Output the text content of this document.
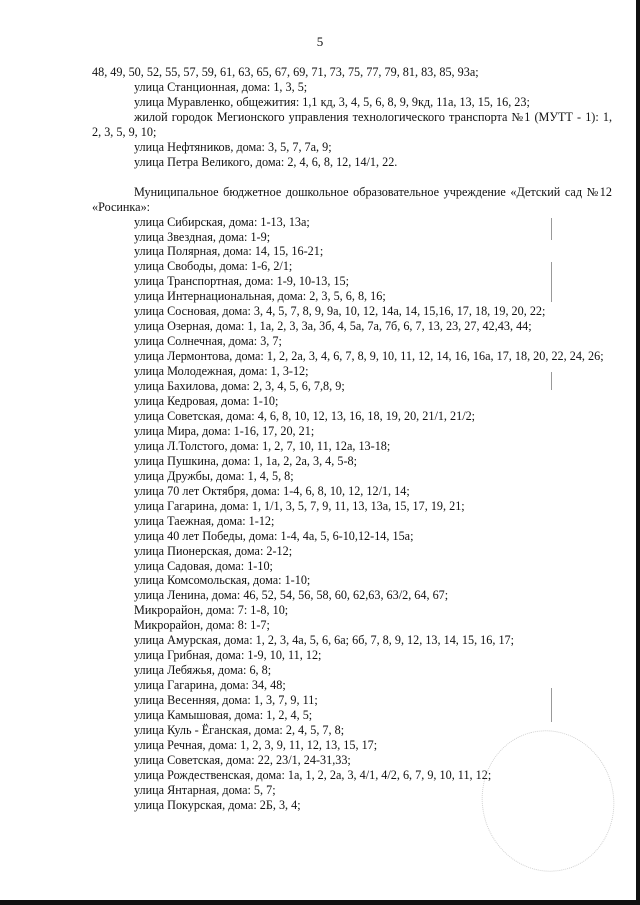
5
48, 49, 50, 52, 55, 57, 59, 61, 63, 65, 67, 69, 71, 73, 75, 77, 79, 81, 83, 85, 93а;
улица Станционная, дома: 1, 3, 5;
улица Муравленко, общежития: 1,1 кд, 3, 4, 5, 6, 8, 9, 9кд, 11а, 13, 15, 16, 23;
жилой городок Мегионского управления технологического транспорта №1 (МУТТ - 1): 1, 2, 3, 5, 9, 10;
улица Нефтяников, дома: 3, 5, 7, 7а, 9;
улица Петра Великого, дома: 2, 4, 6, 8, 12, 14/1, 22.
Муниципальное бюджетное дошкольное образовательное учреждение «Детский сад №12 «Росинка»:
улица Сибирская, дома: 1-13, 13а;
улица Звездная, дома: 1-9;
улица Полярная, дома: 14, 15, 16-21;
улица Свободы, дома: 1-6, 2/1;
улица Транспортная, дома: 1-9, 10-13, 15;
улица Интернациональная, дома: 2, 3, 5, 6, 8, 16;
улица Сосновая, дома: 3, 4, 5, 7, 8, 9, 9а, 10, 12, 14а, 14, 15,16, 17, 18, 19, 20, 22;
улица Озерная, дома: 1, 1а, 2, 3, 3а, 3б, 4, 5а, 7а, 7б, 6, 7, 13, 23, 27, 42,43, 44;
улица Солнечная, дома: 3, 7;
улица Лермонтова, дома: 1, 2, 2а, 3, 4, 6, 7, 8, 9, 10, 11, 12, 14, 16, 16а, 17, 18, 20, 22, 24, 26;
улица Молодежная, дома: 1, 3-12;
улица Бахилова, дома: 2, 3, 4, 5, 6, 7,8, 9;
улица Кедровая, дома: 1-10;
улица Советская, дома: 4, 6, 8, 10, 12, 13, 16, 18, 19, 20, 21/1, 21/2;
улица Мира, дома: 1-16, 17, 20, 21;
улица Л.Толстого, дома: 1, 2, 7, 10, 11, 12а, 13-18;
улица Пушкина, дома: 1, 1а, 2, 2а, 3, 4, 5-8;
улица Дружбы, дома: 1, 4, 5, 8;
улица 70 лет Октября, дома: 1-4, 6, 8, 10, 12, 12/1, 14;
улица Гагарина, дома: 1, 1/1, 3, 5, 7, 9, 11, 13, 13а, 15, 17, 19, 21;
улица Таежная, дома: 1-12;
улица 40 лет Победы, дома: 1-4, 4а, 5, 6-10,12-14, 15а;
улица Пионерская, дома: 2-12;
улица Садовая, дома: 1-10;
улица Комсомольская, дома: 1-10;
улица Ленина, дома: 46, 52, 54, 56, 58, 60, 62,63, 63/2, 64, 67;
Микрорайон, дома: 7: 1-8, 10;
Микрорайон, дома: 8: 1-7;
улица Амурская, дома: 1, 2, 3, 4а, 5, 6, 6а; 6б, 7, 8, 9, 12, 13, 14, 15, 16, 17;
улица Грибная, дома: 1-9, 10, 11, 12;
улица Лебяжья, дома: 6, 8;
улица Гагарина, дома: 34, 48;
улица Весенняя, дома: 1, 3, 7, 9, 11;
улица Камышовая, дома: 1, 2, 4, 5;
улица Куль - Ёганская, дома: 2, 4, 5, 7, 8;
улица Речная, дома: 1, 2, 3, 9, 11, 12, 13, 15, 17;
улица Советская, дома: 22, 23/1, 24-31,33;
улица Рождественская, дома: 1а, 1, 2, 2а, 3, 4/1, 4/2, 6, 7, 9, 10, 11, 12;
улица Янтарная, дома: 5, 7;
улица Покурская, дома: 2Б, 3, 4;
